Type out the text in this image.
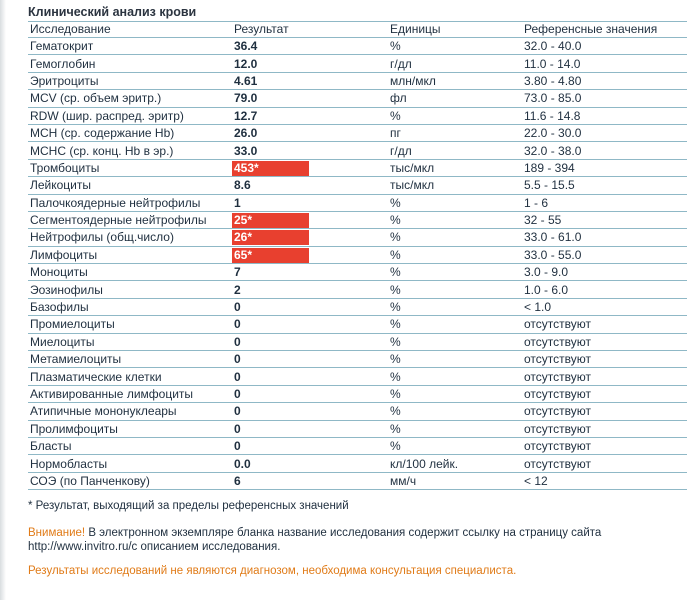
Клинический анализ крови
Исследование	Результат	Единицы	Референсные значения
Гематокрит	36.4	%	32.0 - 40.0
Гемоглобин	12.0	г/дл	11.0 - 14.0
Эритроциты	4.61	млн/мкл	3.80 - 4.80
MCV (ср. объем эритр.)	79.0	фл	73.0 - 85.0
RDW (шир. распред. эритр)	12.7	%	11.6 - 14.8
MCH (ср. содержание Hb)	26.0	пг	22.0 - 30.0
MCHC (ср. конц. Hb в эр.)	33.0	г/дл	32.0 - 38.0
Тромбоциты	453*	тыс/мкл	189 - 394
Лейкоциты	8.6	тыс/мкл	5.5 - 15.5
Палочкоядерные нейтрофилы	1	%	1 - 6
Сегментоядерные нейтрофилы	25*	%	32 - 55
Нейтрофилы (общ.число)	26*	%	33.0 - 61.0
Лимфоциты	65*	%	33.0 - 55.0
Моноциты	7	%	3.0 - 9.0
Эозинофилы	2	%	1.0 - 6.0
Базофилы	0	%	< 1.0
Промиелоциты	0	%	отсутствуют
Миелоциты	0	%	отсутствуют
Метамиелоциты	0	%	отсутствуют
Плазматические клетки	0	%	отсутствуют
Активированные лимфоциты	0	%	отсутствуют
Атипичные мононуклеары	0	%	отсутствуют
Пролимфоциты	0	%	отсутствуют
Бласты	0	%	отсутствуют
Нормобласты	0.0	кл/100 лейк.	отсутствуют
СОЭ (по Панченкову)	6	мм/ч	< 12
* Результат, выходящий за пределы референсных значений
Внимание! В электронном экземпляре бланка название исследования содержит ссылку на страницу сайта http://www.invitro.ru/с описанием исследования.
Результаты исследований не являются диагнозом, необходима консультация специалиста.
